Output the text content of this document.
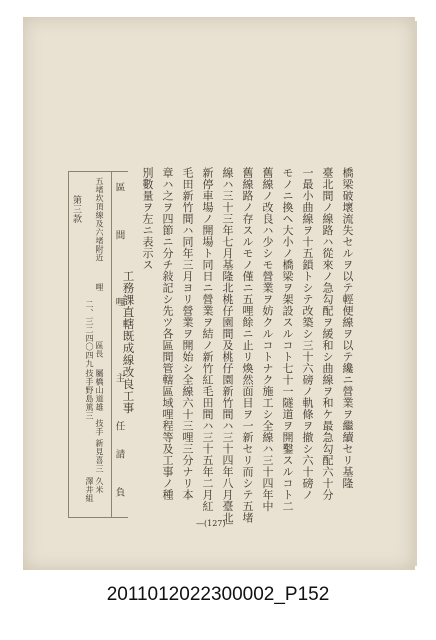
橋梁破壞流失セルヲ以テ輕便線ヲ以テ纔ニ營業ヲ繼續セリ基隆
臺北間ノ線路ハ從來ノ急勾配ヲ緩和シ曲線ヲ和ケ最急勾配六十分
一最小曲線ヲ十五鎖トシテ改築シ三十六磅ノ軌條ヲ撤シ六十磅ノ
モノニ換ヘ大小ノ橋梁ヲ架設スルコト七十一隧道ヲ開鑿スルコト二
舊線ノ改良ハ少シモ營業ヲ妨クルコトナク施工シ全線ハ三十四年中
舊線路ノ存スルモノ僅ニ五哩餘ニ止リ煥然面目ヲ一新セリ而シテ五堵
線ハ三十三年七月基隆北桃仔園間及桃仔園新竹間ハ三十四年八月臺北
新停車場ノ開場ト同日ニ營業ヲ結ノ新竹紅毛田間ハ三十五年二月紅
毛田新竹間ハ同年三月ヨリ營業ヲ開始シ全線六十三哩三分ナリ本
章ハ之ヲ四節ニ分チ敍記シ先ツ各區間管轄區域哩程等及工事ノ種
別數量ヲ左ニ表示ス
工務課直轄既成線改良工事
區
間
哩
主
任
請
負
五堵坎頂線及六堵附近
哩
二、三二四〇四九 區長
屬橋山道雄
技手野島篤三
技手
新見喜三
久米
澤井組
第三款
—(127)—
2011012022300002_P152
